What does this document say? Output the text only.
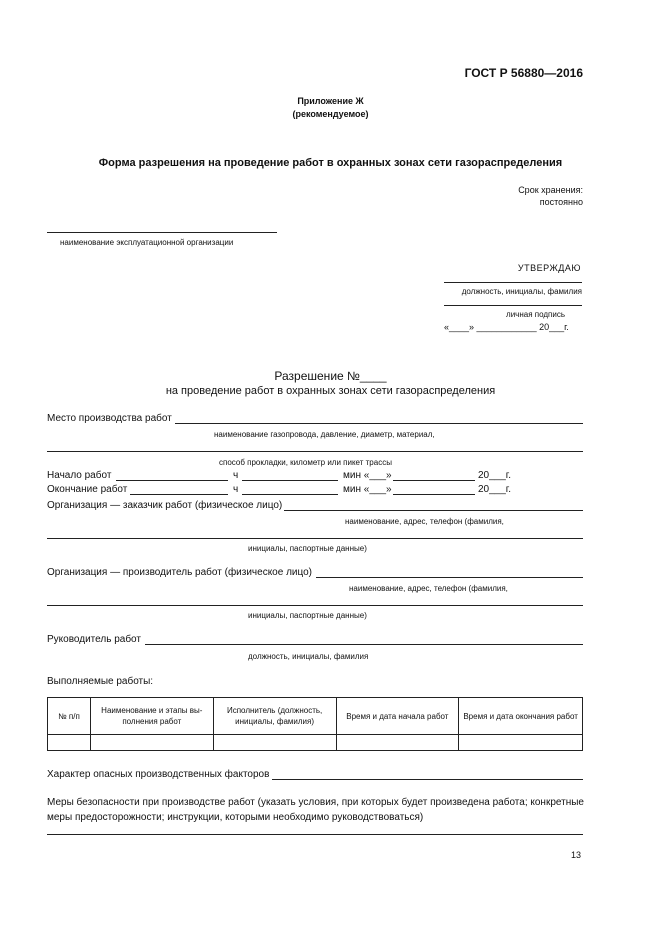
ГОСТ Р 56880—2016
Приложение Ж
(рекомендуемое)
Форма разрешения на проведение работ в охранных зонах сети газораспределения
Срок хранения:
постоянно
наименование эксплуатационной организации
УТВЕРЖДАЮ
должность, инициалы, фамилия
личная подпись
«____» ____________ 20___г.
Разрешение №____
на проведение работ в охранных зонах сети газораспределения
Место производства работ
наименование газопровода, давление, диаметр, материал,
способ прокладки, километр или пикет трассы
Начало работ	ч	мин «___»	20___г.
Окончание работ	ч	мин «___»	20___г.
Организация — заказчик работ (физическое лицо)
наименование, адрес, телефон (фамилия,
инициалы, паспортные данные)
Организация — производитель работ (физическое лицо)
наименование, адрес, телефон (фамилия,
инициалы, паспортные данные)
Руководитель работ
должность, инициалы, фамилия
Выполняемые работы:
№ п/п	Наименование и этапы вы- полнения работ	Исполнитель (должность, инициалы, фамилия)	Время и дата начала работ	Время и дата окончания работ

Характер опасных производственных факторов
Меры безопасности при производстве работ (указать условия, при которых будет произведена работа; конкретные
меры предосторожности; инструкции, которыми необходимо руководствоваться)
13
